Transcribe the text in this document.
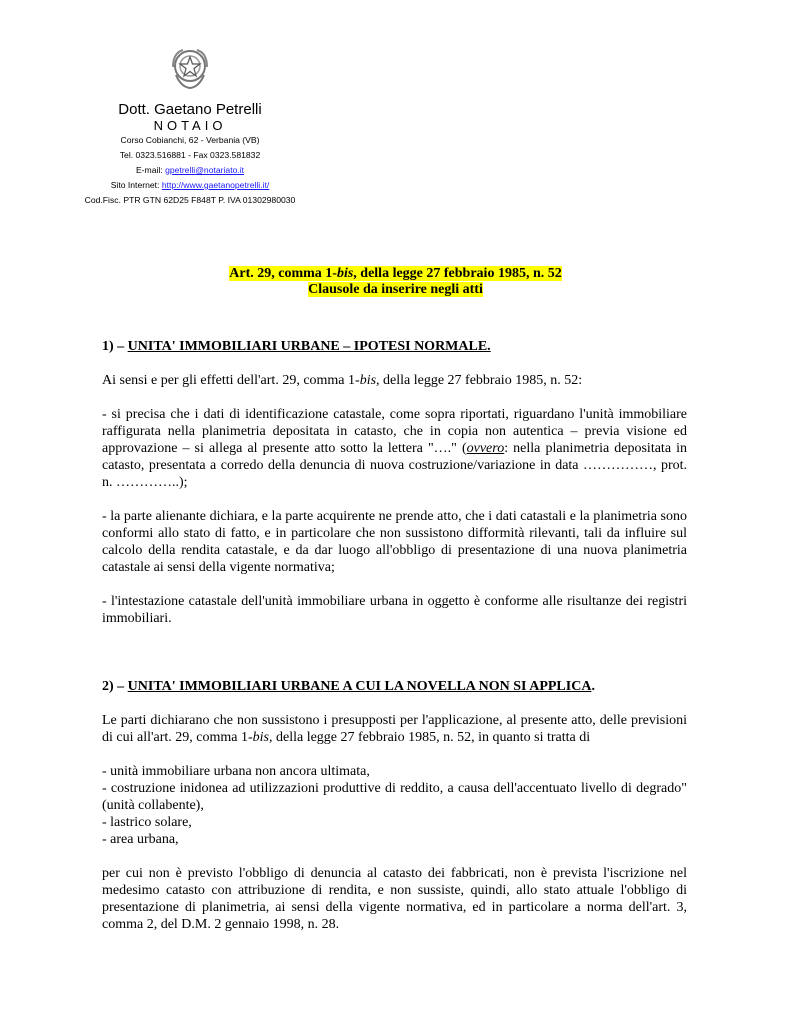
Dott. Gaetano Petrelli
NOTAIO
Corso Cobianchi, 62 - Verbania (VB)
Tel. 0323.516881 - Fax 0323.581832
E-mail: gpetrelli@notariato.it
Sito Internet: http://www.gaetanopetrelli.it/
Cod.Fisc. PTR GTN 62D25 F848T P. IVA 01302980030
Art. 29, comma 1-bis, della legge 27 febbraio 1985, n. 52
Clausole da inserire negli atti

1) – UNITA' IMMOBILIARI URBANE – IPOTESI NORMALE.

Ai sensi e per gli effetti dell'art. 29, comma 1-bis, della legge 27 febbraio 1985, n. 52:

- si precisa che i dati di identificazione catastale, come sopra riportati, riguardano l'unità immobiliare raffigurata nella planimetria depositata in catasto, che in copia non autentica – previa visione ed approvazione – si allega al presente atto sotto la lettera "…." (ovvero: nella planimetria depositata in catasto, presentata a corredo della denuncia di nuova costruzione/variazione in data ……………, prot. n. …………..);

- la parte alienante dichiara, e la parte acquirente ne prende atto, che i dati catastali e la planimetria sono conformi allo stato di fatto, e in particolare che non sussistono difformità rilevanti, tali da influire sul calcolo della rendita catastale, e da dar luogo all'obbligo di presentazione di una nuova planimetria catastale ai sensi della vigente normativa;

- l'intestazione catastale dell'unità immobiliare urbana in oggetto è conforme alle risultanze dei registri immobiliari.

2) – UNITA' IMMOBILIARI URBANE A CUI LA NOVELLA NON SI APPLICA.

Le parti dichiarano che non sussistono i presupposti per l'applicazione, al presente atto, delle previsioni di cui all'art. 29, comma 1-bis, della legge 27 febbraio 1985, n. 52, in quanto si tratta di

- unità immobiliare urbana non ancora ultimata,

- costruzione inidonea ad utilizzazioni produttive di reddito, a causa dell'accentuato livello di degrado" (unità collabente),

- lastrico solare,

- area urbana,

per cui non è previsto l'obbligo di denuncia al catasto dei fabbricati, non è prevista l'iscrizione nel medesimo catasto con attribuzione di rendita, e non sussiste, quindi, allo stato attuale l'obbligo di presentazione di planimetria, ai sensi della vigente normativa, ed in particolare a norma dell'art. 3, comma 2, del D.M. 2 gennaio 1998, n. 28.
